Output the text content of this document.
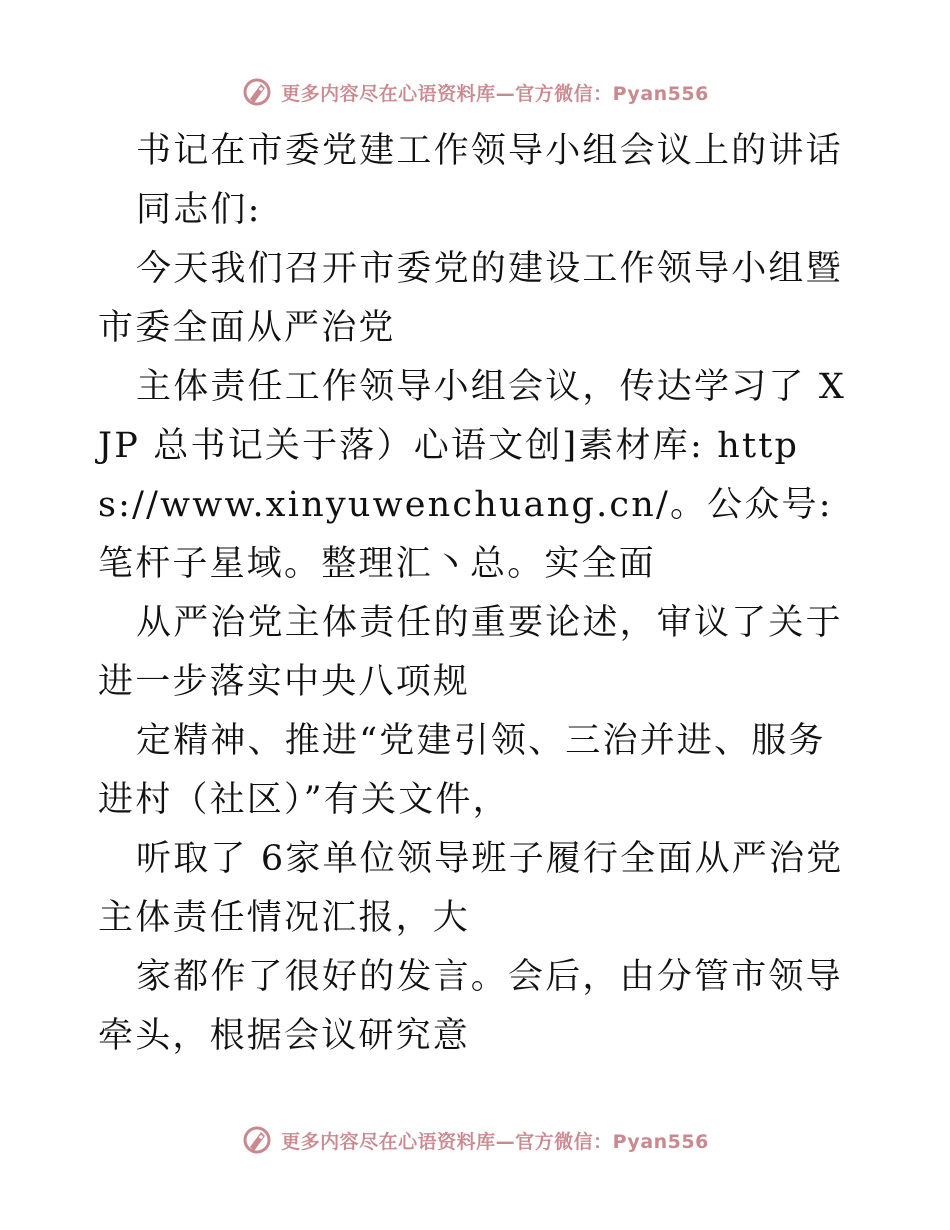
更多内容尽在心语资料库—官方微信：Pyan556

书记在市委党建工作领导小组会议上的讲话

同志们:

今天我们召开市委党的建设工作领导小组暨市委全面从严治党

主体责任工作领导小组会议，传达学习了 XJP 总书记关于落）心语文创]素材库: https://www.xinyuwenchuang.cn/。公众号: 笔杆子星域。整理汇丶总。实全面

从严治党主体责任的重要论述，审议了关于进一步落实中央八项规

定精神、推进“党建引领、三治并进、服务进村（社区）”有关文件，

听取了 6家单位领导班子履行全面从严治党主体责任情况汇报，大

家都作了很好的发言。会后，由分管市领导牵头，根据会议研究意

更多内容尽在心语资料库—官方微信：Pyan556
